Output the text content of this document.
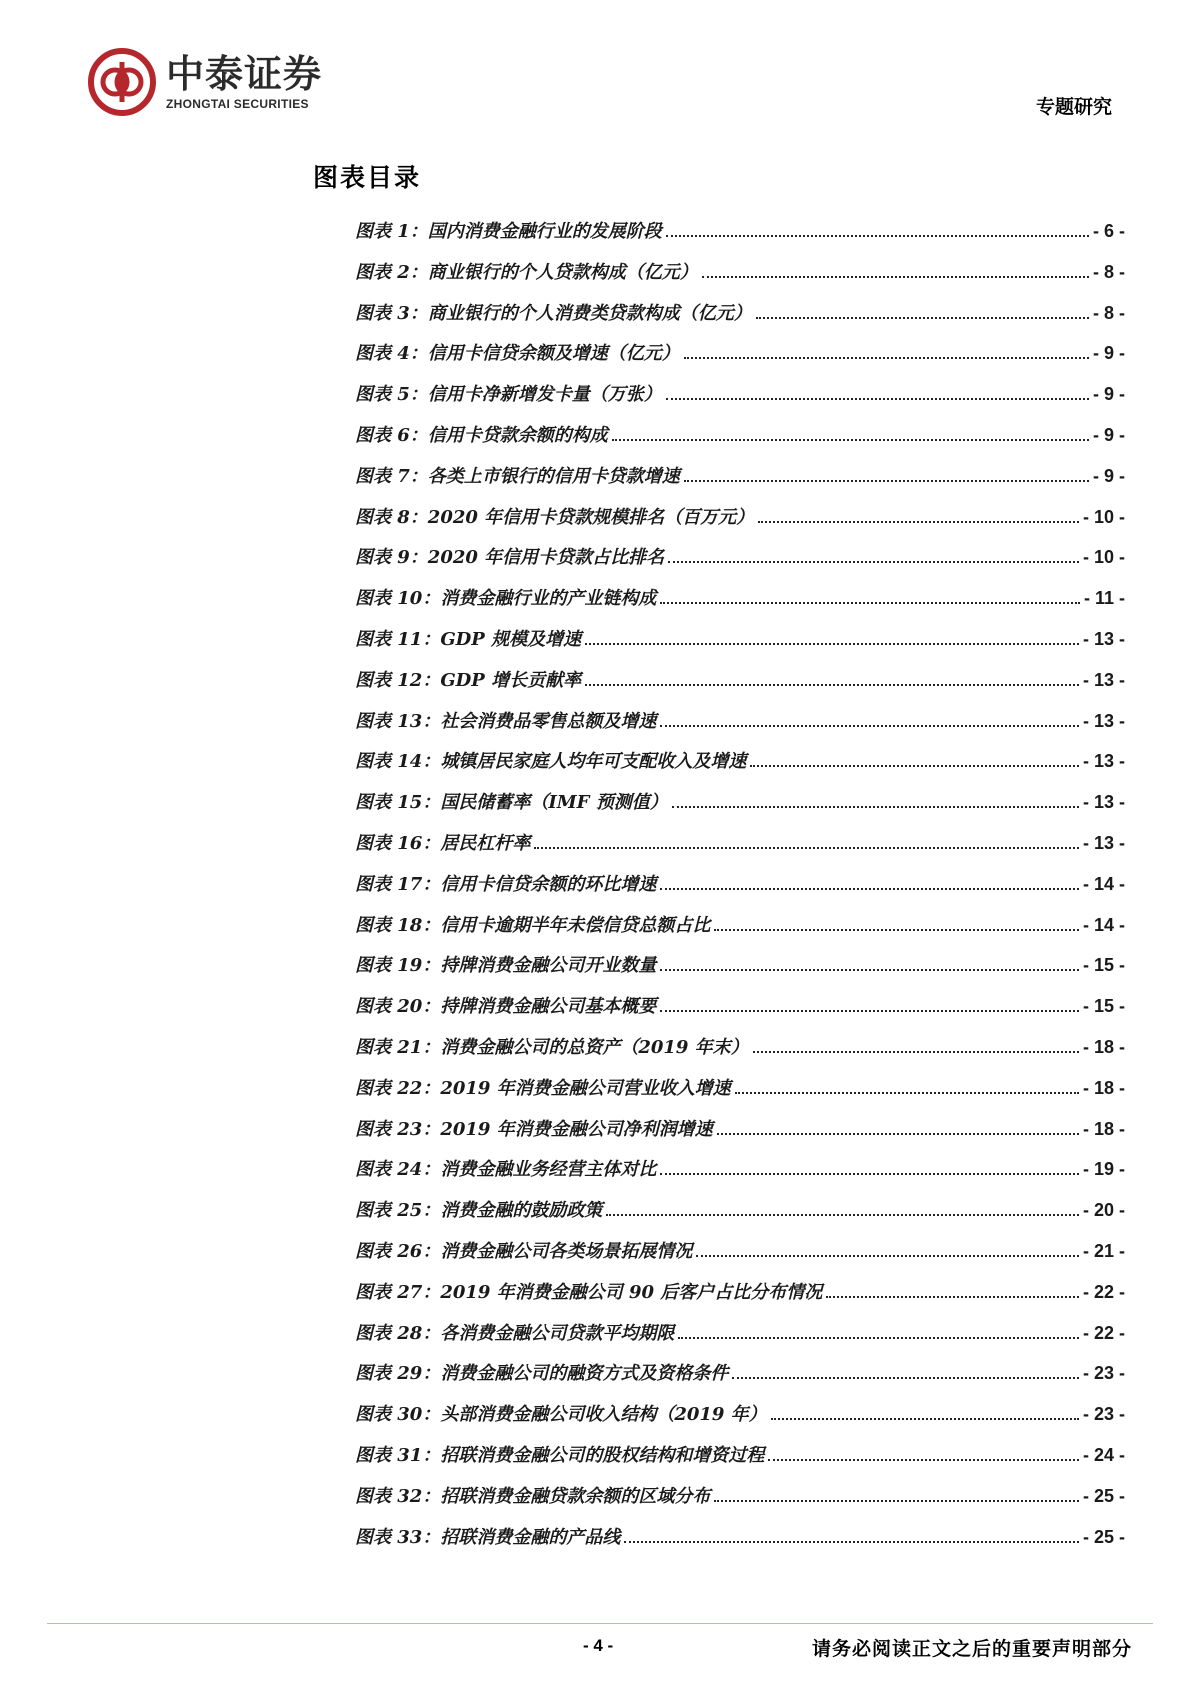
中泰证券
ZHONGTAI SECURITIES	专题研究
图表目录
图表 1：国内消费金融行业的发展阶段	- 6 -
图表 2：商业银行的个人贷款构成（亿元）	- 8 -
图表 3：商业银行的个人消费类贷款构成（亿元）	- 8 -
图表 4：信用卡信贷余额及增速（亿元）	- 9 -
图表 5：信用卡净新增发卡量（万张）	- 9 -
图表 6：信用卡贷款余额的构成	- 9 -
图表 7：各类上市银行的信用卡贷款增速	- 9 -
图表 8：2020 年信用卡贷款规模排名（百万元）	- 10 -
图表 9：2020 年信用卡贷款占比排名	- 10 -
图表 10：消费金融行业的产业链构成	- 11 -
图表 11：GDP 规模及增速	- 13 -
图表 12：GDP 增长贡献率	- 13 -
图表 13：社会消费品零售总额及增速	- 13 -
图表 14：城镇居民家庭人均年可支配收入及增速	- 13 -
图表 15：国民储蓄率（IMF 预测值）	- 13 -
图表 16：居民杠杆率	- 13 -
图表 17：信用卡信贷余额的环比增速	- 14 -
图表 18：信用卡逾期半年未偿信贷总额占比	- 14 -
图表 19：持牌消费金融公司开业数量	- 15 -
图表 20：持牌消费金融公司基本概要	- 15 -
图表 21：消费金融公司的总资产（2019 年末）	- 18 -
图表 22：2019 年消费金融公司营业收入增速	- 18 -
图表 23：2019 年消费金融公司净利润增速	- 18 -
图表 24：消费金融业务经营主体对比	- 19 -
图表 25：消费金融的鼓励政策	- 20 -
图表 26：消费金融公司各类场景拓展情况	- 21 -
图表 27：2019 年消费金融公司 90 后客户占比分布情况	- 22 -
图表 28：各消费金融公司贷款平均期限	- 22 -
图表 29：消费金融公司的融资方式及资格条件	- 23 -
图表 30：头部消费金融公司收入结构（2019 年）	- 23 -
图表 31：招联消费金融公司的股权结构和增资过程	- 24 -
图表 32：招联消费金融贷款余额的区域分布	- 25 -
图表 33：招联消费金融的产品线	- 25 -
- 4 -	请务必阅读正文之后的重要声明部分
